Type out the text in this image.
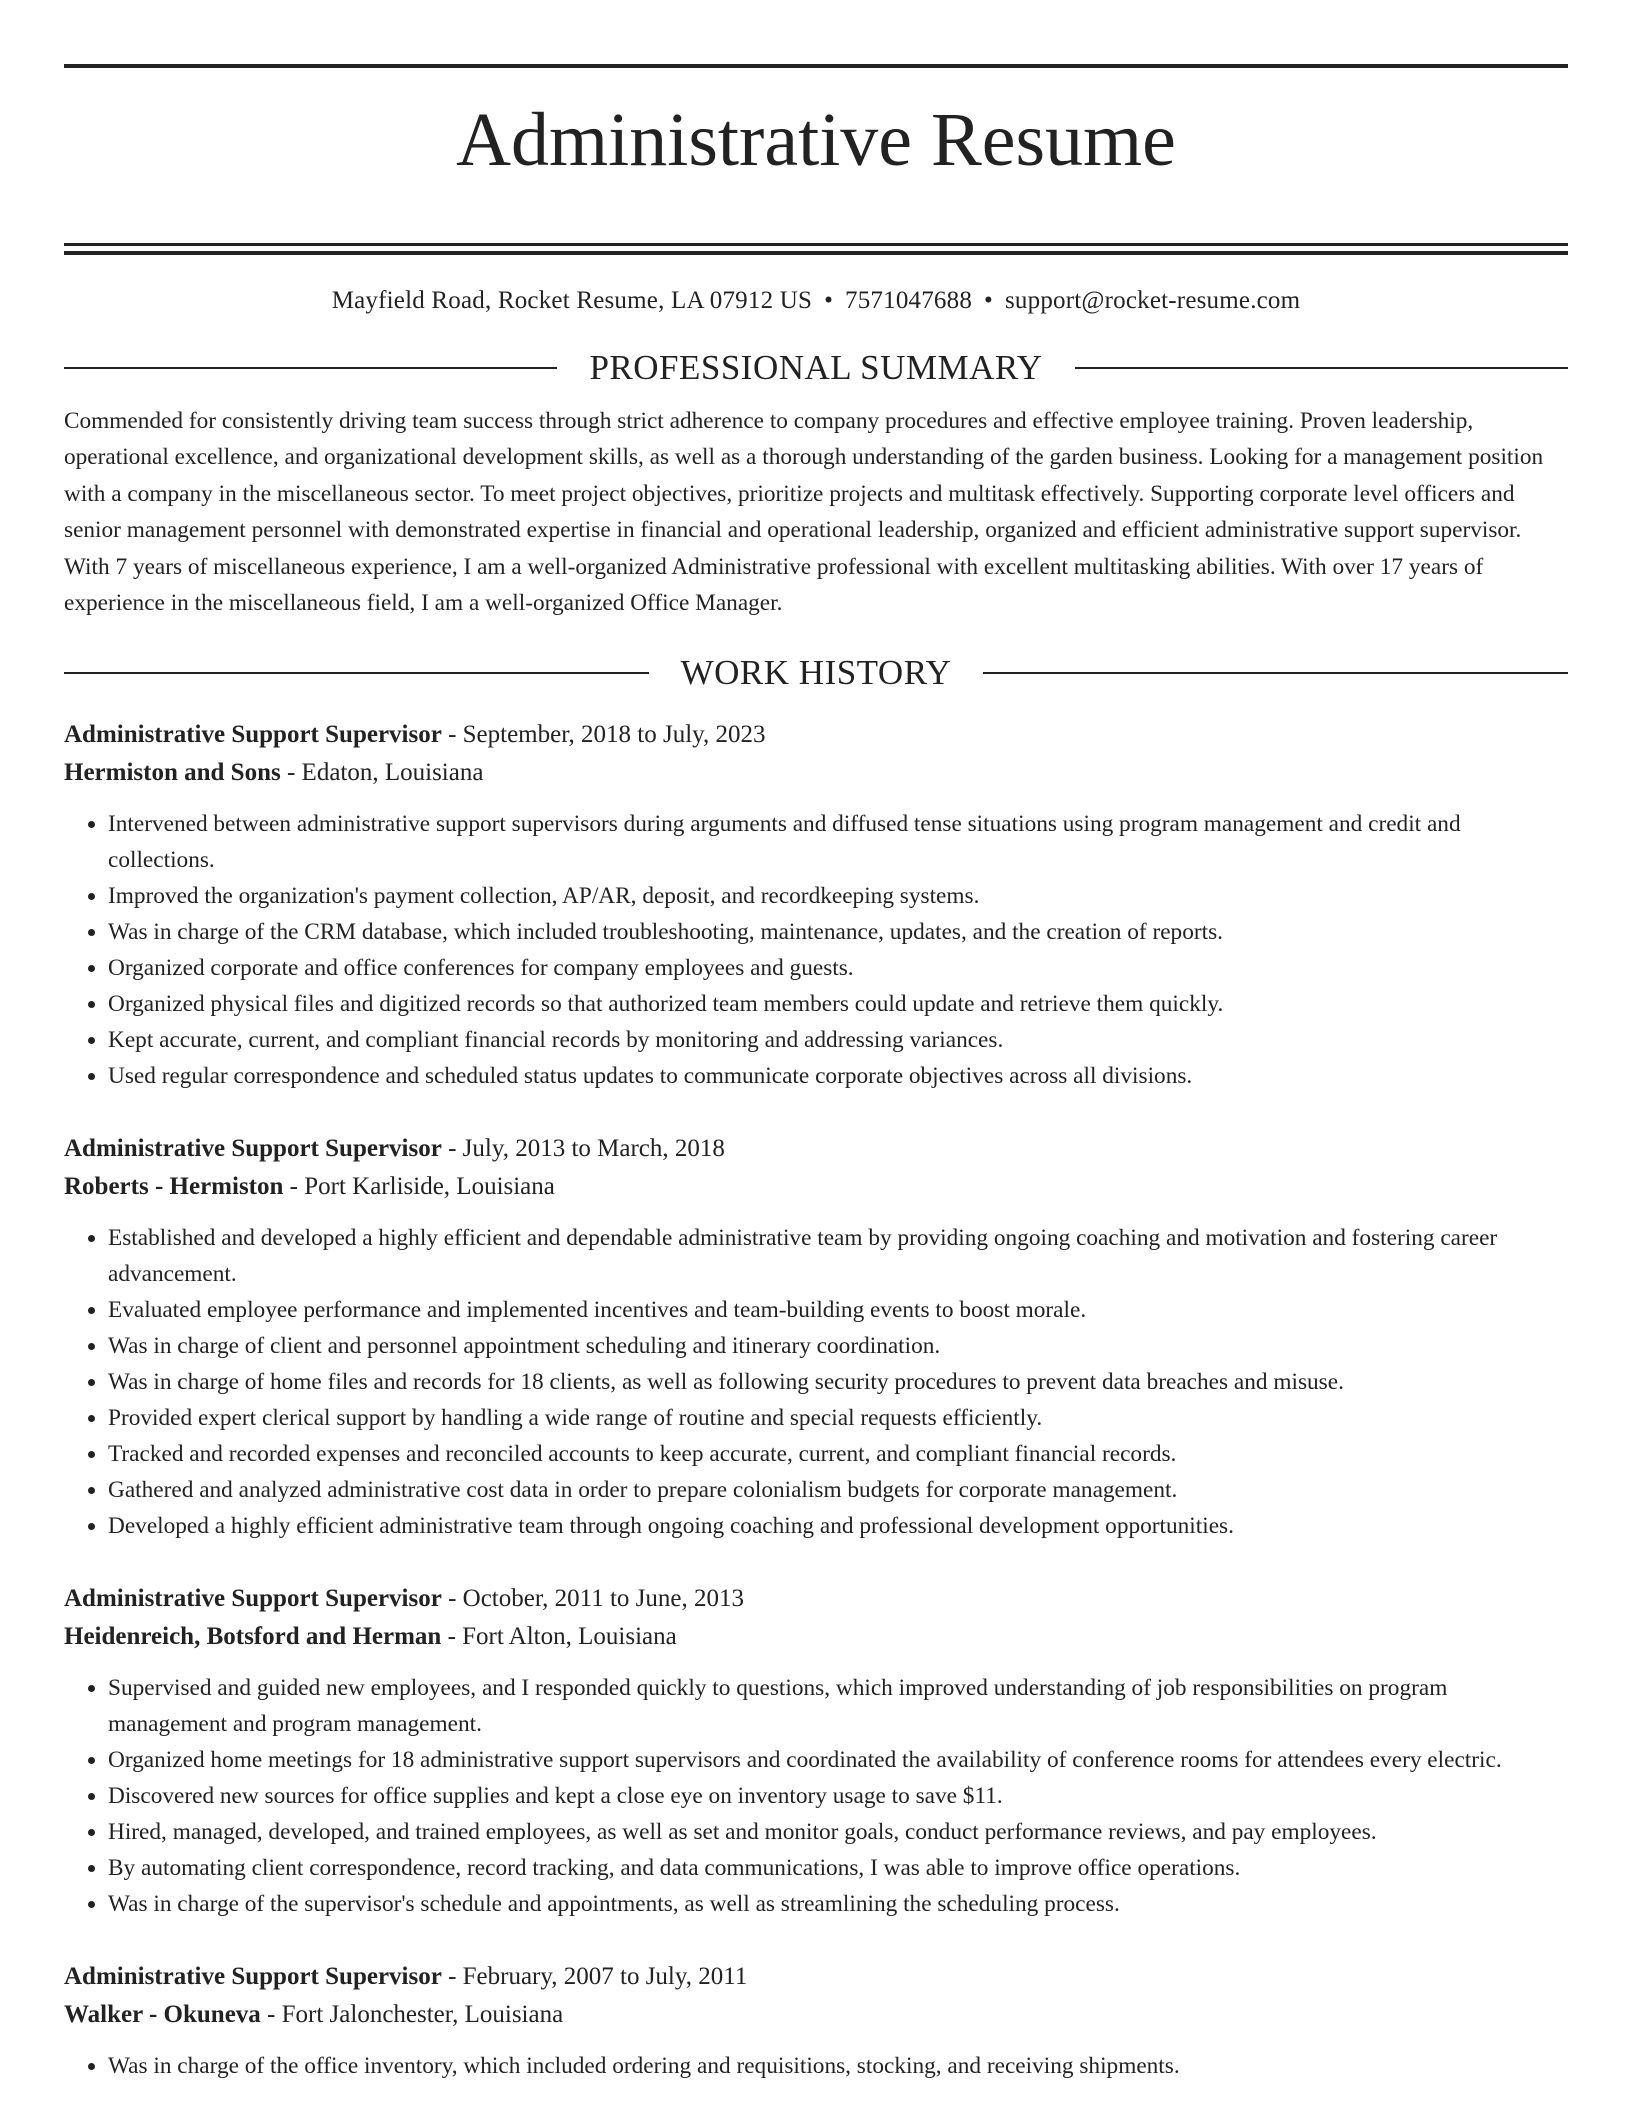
Administrative Resume
Mayfield Road, Rocket Resume, LA 07912 US • 7571047688 • support@rocket-resume.com
PROFESSIONAL SUMMARY
Commended for consistently driving team success through strict adherence to company procedures and effective employee training. Proven leadership, operational excellence, and organizational development skills, as well as a thorough understanding of the garden business. Looking for a management position with a company in the miscellaneous sector. To meet project objectives, prioritize projects and multitask effectively. Supporting corporate level officers and senior management personnel with demonstrated expertise in financial and operational leadership, organized and efficient administrative support supervisor. With 7 years of miscellaneous experience, I am a well-organized Administrative professional with excellent multitasking abilities. With over 17 years of experience in the miscellaneous field, I am a well-organized Office Manager.
WORK HISTORY
Administrative Support Supervisor - September, 2018 to July, 2023
Hermiston and Sons - Edaton, Louisiana
• Intervened between administrative support supervisors during arguments and diffused tense situations using program management and credit and collections.
• Improved the organization's payment collection, AP/AR, deposit, and recordkeeping systems.
• Was in charge of the CRM database, which included troubleshooting, maintenance, updates, and the creation of reports.
• Organized corporate and office conferences for company employees and guests.
• Organized physical files and digitized records so that authorized team members could update and retrieve them quickly.
• Kept accurate, current, and compliant financial records by monitoring and addressing variances.
• Used regular correspondence and scheduled status updates to communicate corporate objectives across all divisions.
Administrative Support Supervisor - July, 2013 to March, 2018
Roberts - Hermiston - Port Karliside, Louisiana
• Established and developed a highly efficient and dependable administrative team by providing ongoing coaching and motivation and fostering career advancement.
• Evaluated employee performance and implemented incentives and team-building events to boost morale.
• Was in charge of client and personnel appointment scheduling and itinerary coordination.
• Was in charge of home files and records for 18 clients, as well as following security procedures to prevent data breaches and misuse.
• Provided expert clerical support by handling a wide range of routine and special requests efficiently.
• Tracked and recorded expenses and reconciled accounts to keep accurate, current, and compliant financial records.
• Gathered and analyzed administrative cost data in order to prepare colonialism budgets for corporate management.
• Developed a highly efficient administrative team through ongoing coaching and professional development opportunities.
Administrative Support Supervisor - October, 2011 to June, 2013
Heidenreich, Botsford and Herman - Fort Alton, Louisiana
• Supervised and guided new employees, and I responded quickly to questions, which improved understanding of job responsibilities on program management and program management.
• Organized home meetings for 18 administrative support supervisors and coordinated the availability of conference rooms for attendees every electric.
• Discovered new sources for office supplies and kept a close eye on inventory usage to save $11.
• Hired, managed, developed, and trained employees, as well as set and monitor goals, conduct performance reviews, and pay employees.
• By automating client correspondence, record tracking, and data communications, I was able to improve office operations.
• Was in charge of the supervisor's schedule and appointments, as well as streamlining the scheduling process.
Administrative Support Supervisor - February, 2007 to July, 2011
Walker - Okuneva - Fort Jalonchester, Louisiana
• Was in charge of the office inventory, which included ordering and requisitions, stocking, and receiving shipments.
